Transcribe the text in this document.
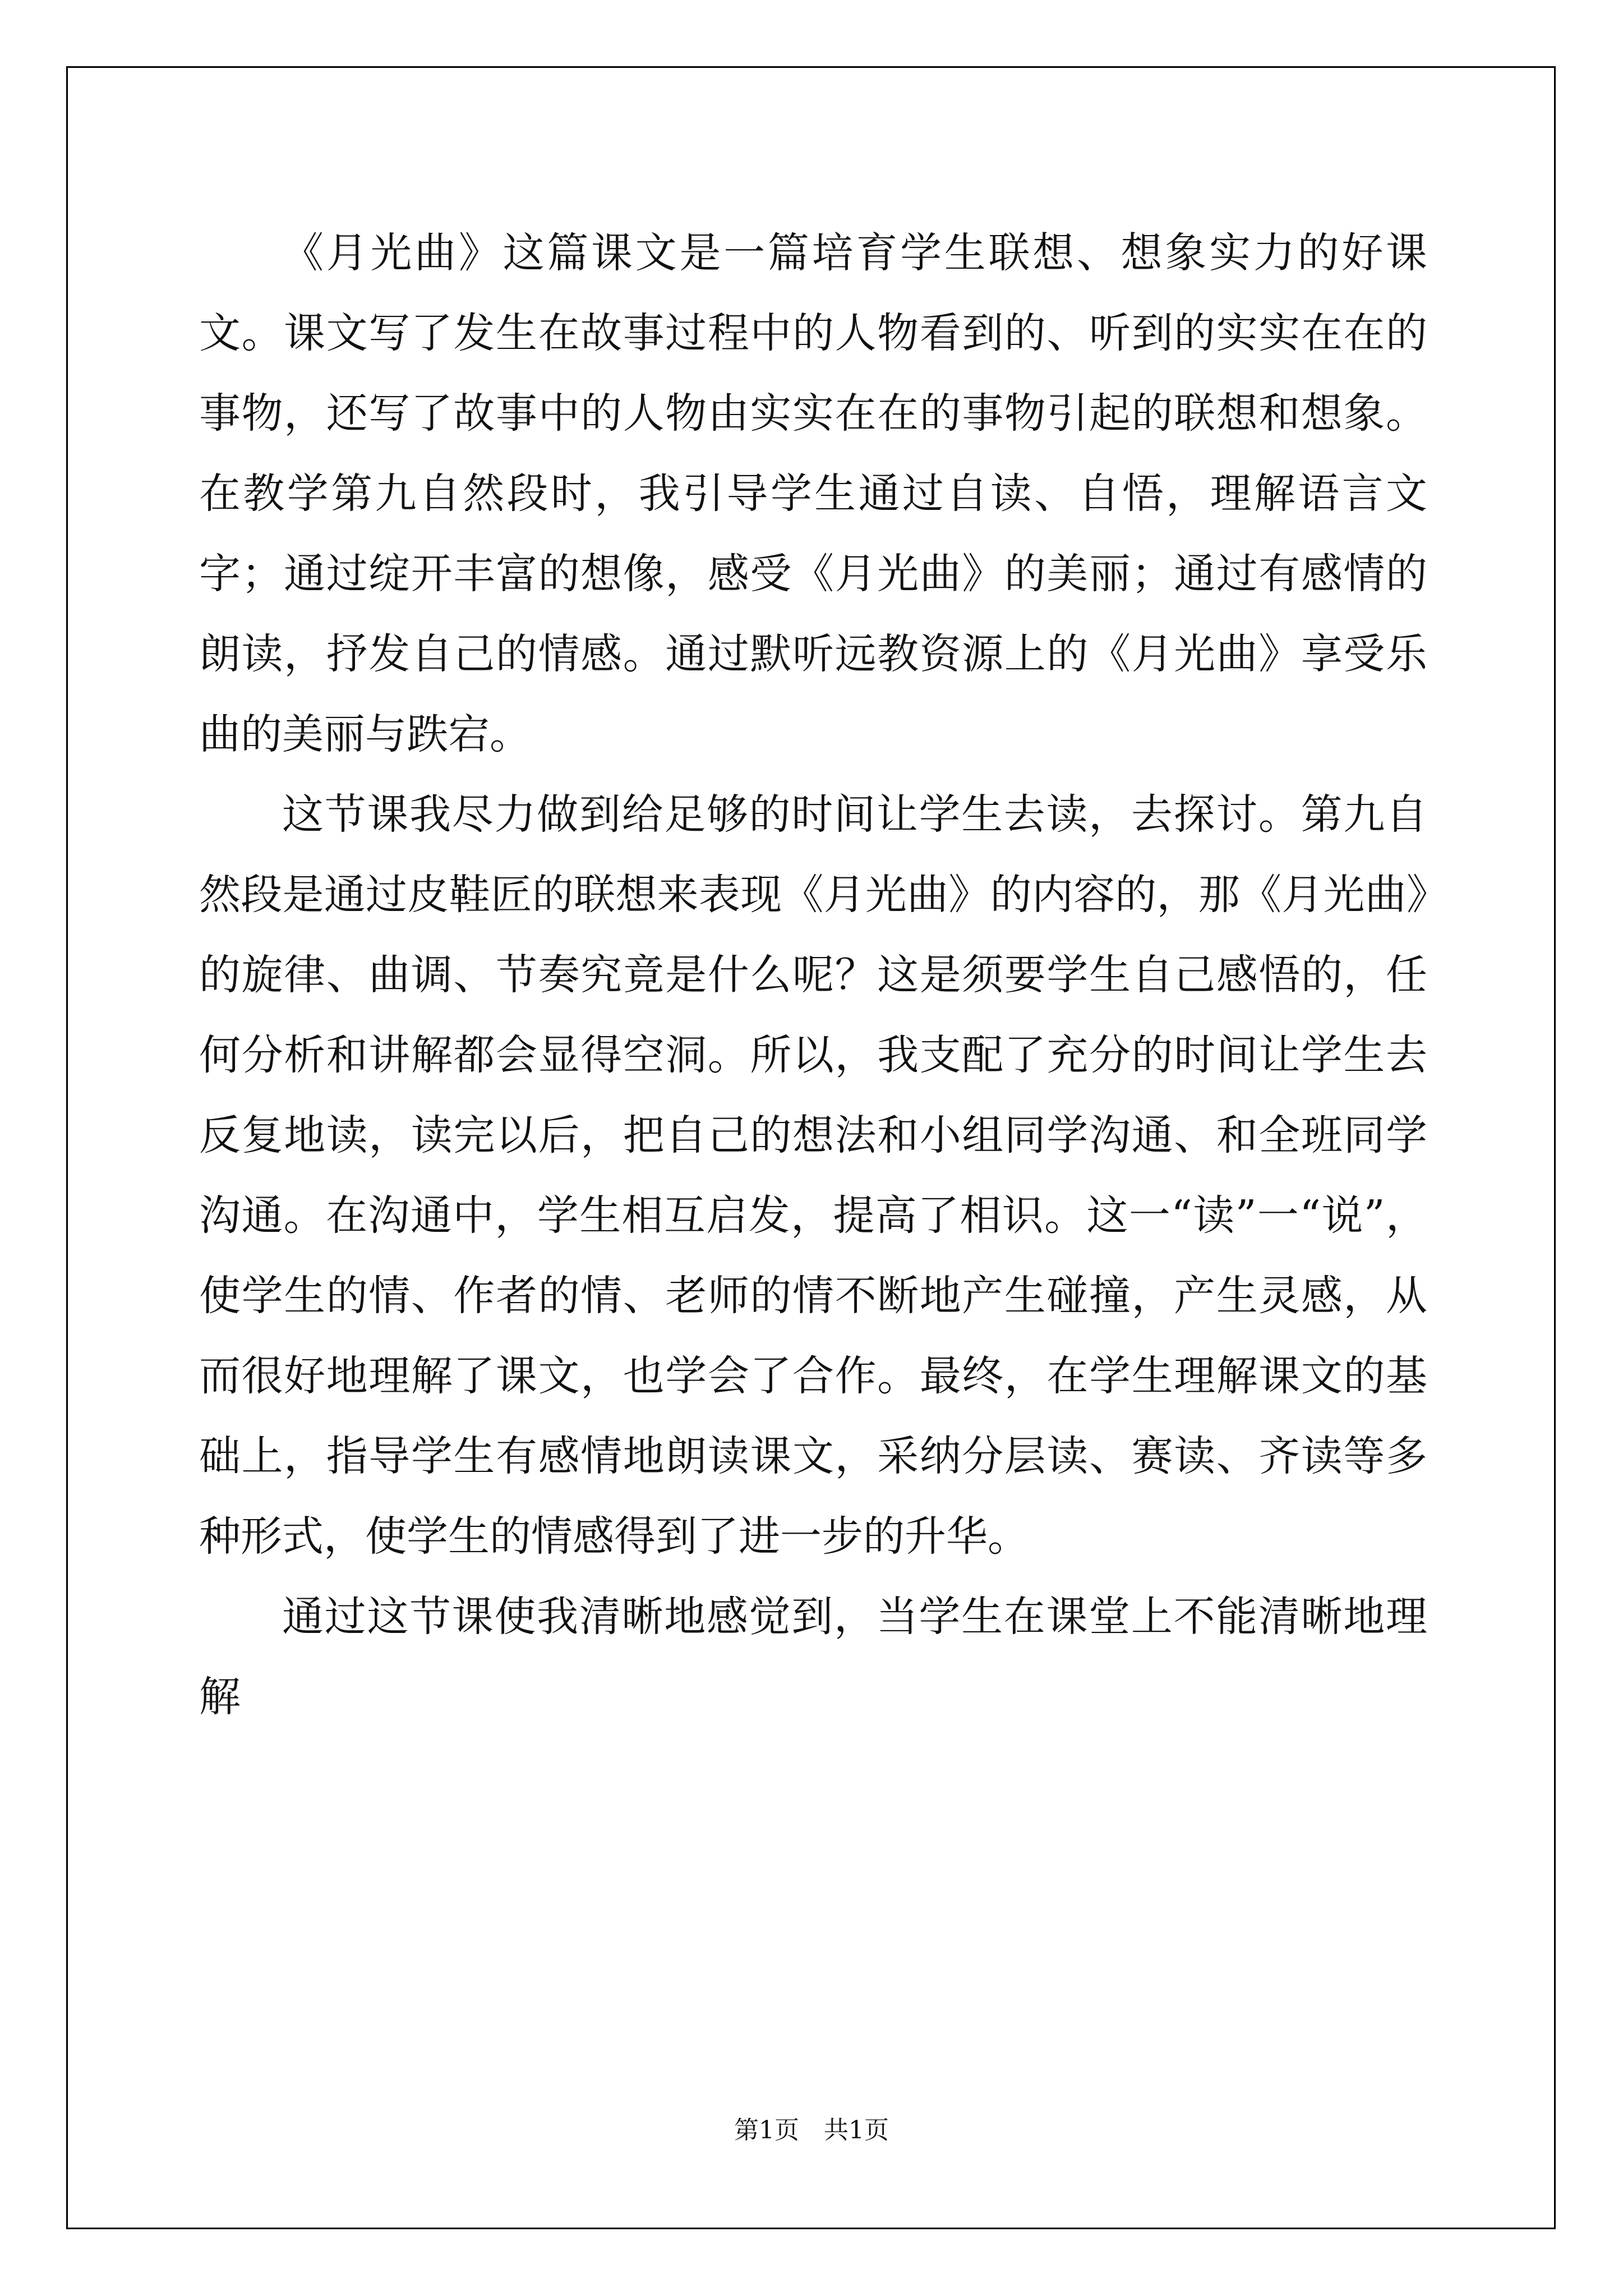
《月光曲》这篇课文是一篇培育学生联想、想象实力的好课文。课文写了发生在故事过程中的人物看到的、听到的实实在在的事物，还写了故事中的人物由实实在在的事物引起的联想和想象。在教学第九自然段时，我引导学生通过自读、自悟，理解语言文字；通过绽开丰富的想像，感受《月光曲》的美丽；通过有感情的朗读，抒发自己的情感。通过默听远教资源上的《月光曲》享受乐曲的美丽与跌宕。

这节课我尽力做到给足够的时间让学生去读，去探讨。第九自然段是通过皮鞋匠的联想来表现《月光曲》的内容的，那《月光曲》的旋律、曲调、节奏究竟是什么呢？这是须要学生自己感悟的，任何分析和讲解都会显得空洞。所以，我支配了充分的时间让学生去反复地读，读完以后，把自己的想法和小组同学沟通、和全班同学沟通。在沟通中，学生相互启发，提高了相识。这一“读”一“说”，使学生的情、作者的情、老师的情不断地产生碰撞，产生灵感，从而很好地理解了课文，也学会了合作。最终，在学生理解课文的基础上，指导学生有感情地朗读课文，采纳分层读、赛读、齐读等多种形式，使学生的情感得到了进一步的升华。

通过这节课使我清晰地感觉到，当学生在课堂上不能清晰地理解

第1页　共1页
